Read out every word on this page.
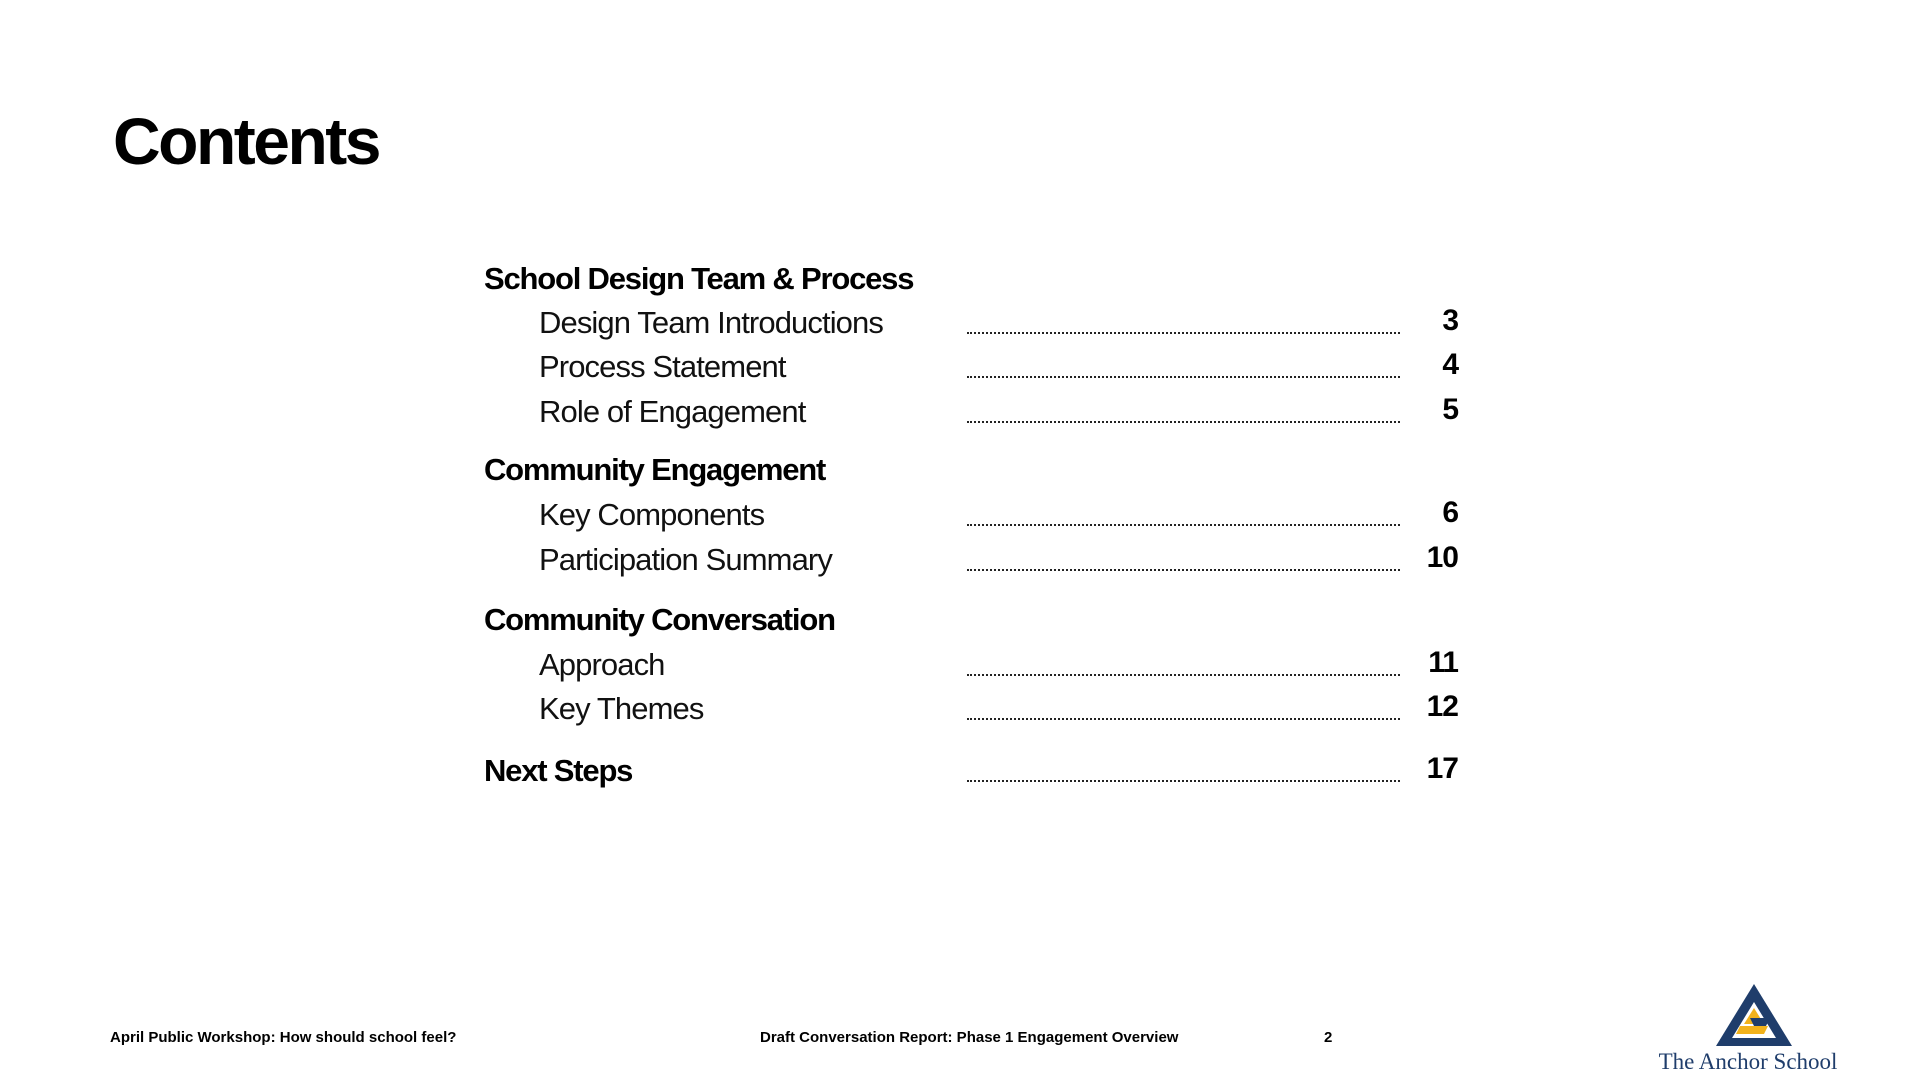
Contents
School Design Team & Process
Design Team Introductions	3
Process Statement	4
Role of Engagement	5
Community Engagement
Key Components	6
Participation Summary	10
Community Conversation
Approach	11
Key Themes	12
Next Steps	17
April Public Workshop: How should school feel?	Draft Conversation Report: Phase 1 Engagement Overview	2
The Anchor School
